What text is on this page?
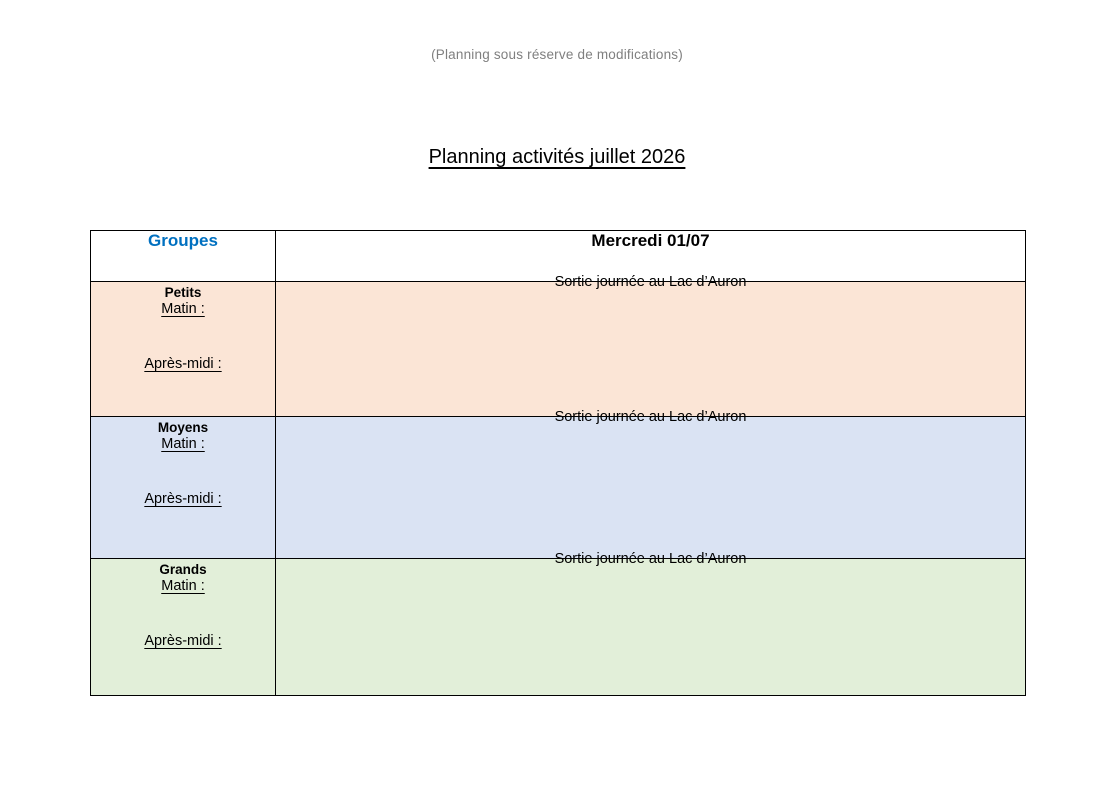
(Planning sous réserve de modifications)
Planning activités juillet 2026
Groupes	Mercredi 01/07

Petits
Matin :
Après-midi :	Sortie journée au Lac d’Auron

Moyens
Matin :
Après-midi :	Sortie journée au Lac d’Auron

Grands
Matin :
Après-midi :	Sortie journée au Lac d’Auron
